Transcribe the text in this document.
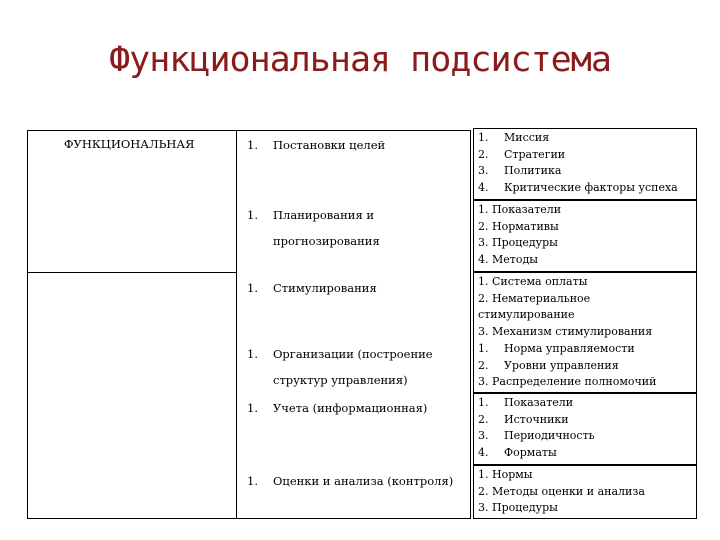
Функциональная подсистема
ФУНКЦИОНАЛЬНАЯ	1. Постановки целей
1. Планирования и
прогнозирования
1. Стимулирования
1. Организации (построение
структур управления)
1. Учета (информационная)
1. Оценки и анализа (контроля)
1. Миссия
2. Стратегии
3. Политика
4. Критические факторы успеха
1. Показатели
2. Нормативы
3. Процедуры
4. Методы
1. Система оплаты
2. Нематериальное
стимулирование
3. Механизм стимулирования
1. Норма управляемости
2. Уровни управления
3. Распределение полномочий
1. Показатели
2. Источники
3. Периодичность
4. Форматы
1. Нормы
2. Методы оценки и анализа
3. Процедуры
